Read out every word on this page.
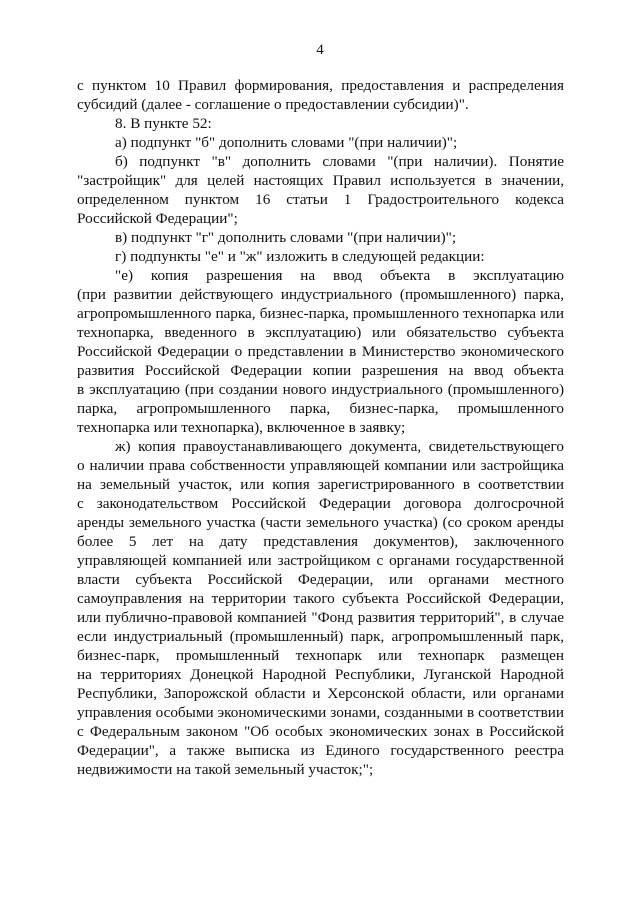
4
с пунктом 10 Правил формирования, предоставления и распределения
субсидий (далее - соглашение о предоставлении субсидии)".
8. В пункте 52:
а) подпункт "б" дополнить словами "(при наличии)";
б) подпункт "в" дополнить словами "(при наличии). Понятие
"застройщик" для целей настоящих Правил используется в значении,
определенном пунктом 16 статьи 1 Градостроительного кодекса
Российской Федерации";
в) подпункт "г" дополнить словами "(при наличии)";
г) подпункты "е" и "ж" изложить в следующей редакции:
"е) копия разрешения на ввод объекта в эксплуатацию
(при развитии действующего индустриального (промышленного) парка,
агропромышленного парка, бизнес-парка, промышленного технопарка или
технопарка, введенного в эксплуатацию) или обязательство субъекта
Российской Федерации о представлении в Министерство экономического
развития Российской Федерации копии разрешения на ввод объекта
в эксплуатацию (при создании нового индустриального (промышленного)
парка, агропромышленного парка, бизнес-парка, промышленного
технопарка или технопарка), включенное в заявку;
ж) копия правоустанавливающего документа, свидетельствующего
о наличии права собственности управляющей компании или застройщика
на земельный участок, или копия зарегистрированного в соответствии
с законодательством Российской Федерации договора долгосрочной
аренды земельного участка (части земельного участка) (со сроком аренды
более 5 лет на дату представления документов), заключенного
управляющей компанией или застройщиком с органами государственной
власти субъекта Российской Федерации, или органами местного
самоуправления на территории такого субъекта Российской Федерации,
или публично-правовой компанией "Фонд развития территорий", в случае
если индустриальный (промышленный) парк, агропромышленный парк,
бизнес-парк, промышленный технопарк или технопарк размещен
на территориях Донецкой Народной Республики, Луганской Народной
Республики, Запорожской области и Херсонской области, или органами
управления особыми экономическими зонами, созданными в соответствии
с Федеральным законом "Об особых экономических зонах в Российской
Федерации", а также выписка из Единого государственного реестра
недвижимости на такой земельный участок;";
